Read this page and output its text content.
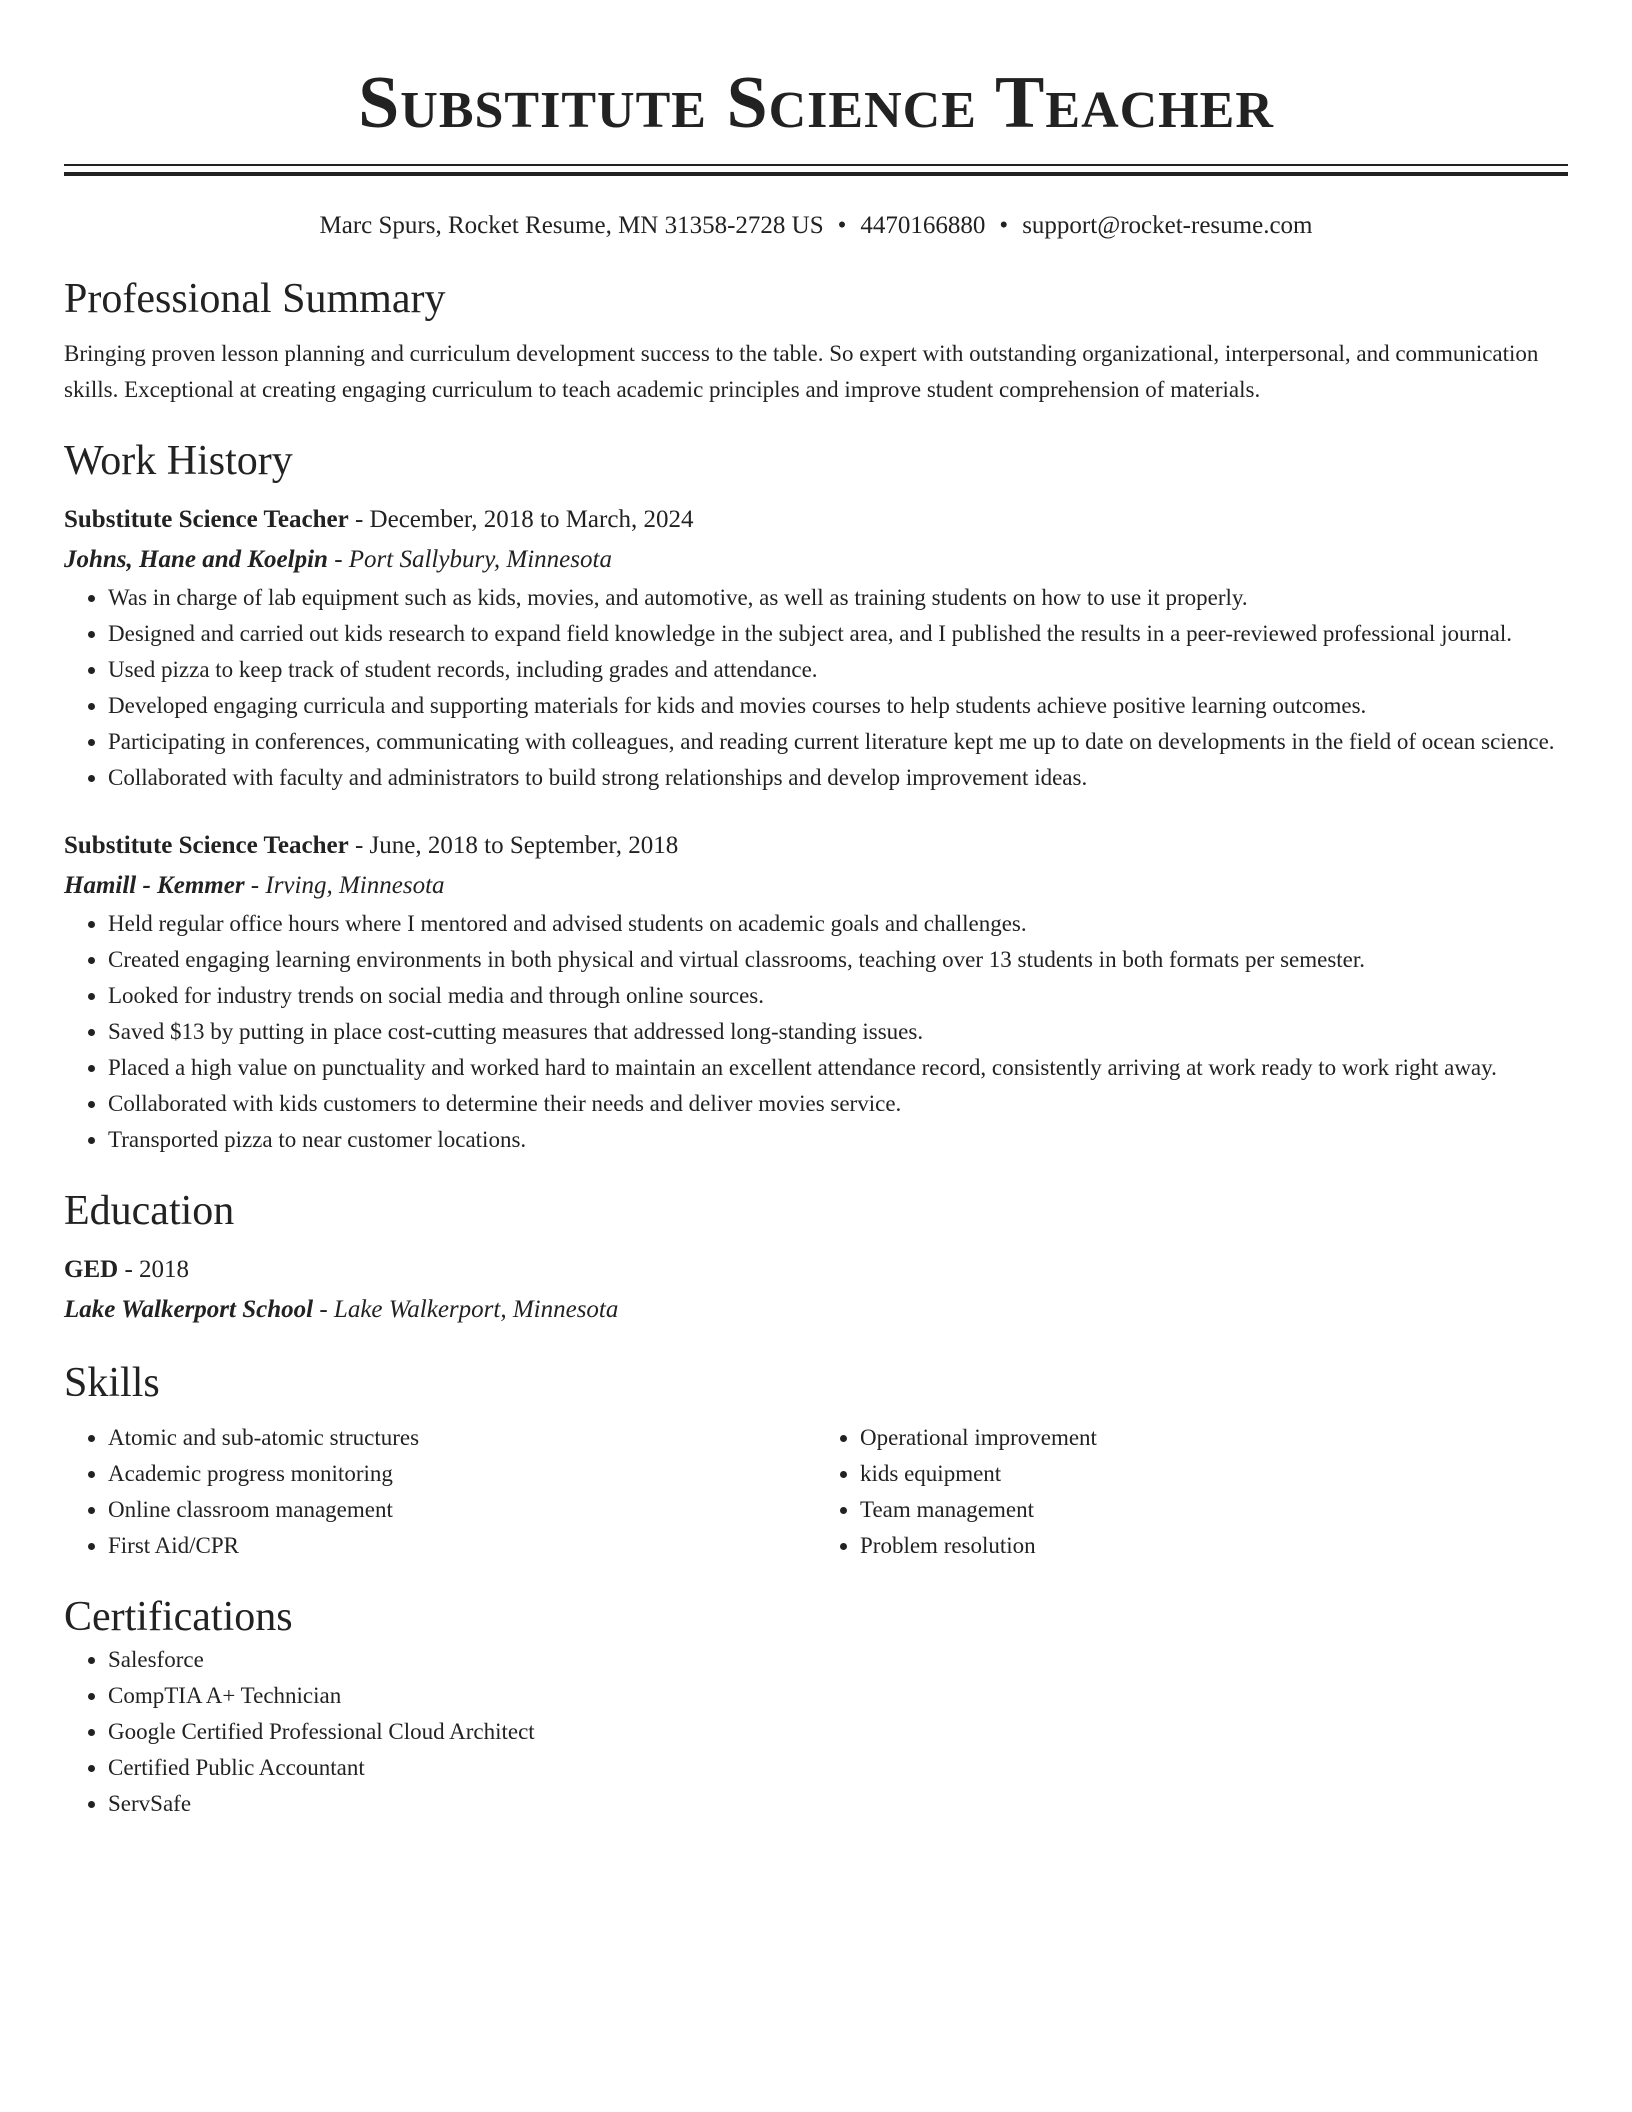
Substitute Science Teacher
Marc Spurs, Rocket Resume, MN 31358-2728 US • 4470166880 • support@rocket-resume.com
Professional Summary

Bringing proven lesson planning and curriculum development success to the table. So expert with outstanding organizational, interpersonal, and communication skills. Exceptional at creating engaging curriculum to teach academic principles and improve student comprehension of materials.

Work History
Substitute Science Teacher - December, 2018 to March, 2024
Johns, Hane and Koelpin - Port Sallybury, Minnesota
• Was in charge of lab equipment such as kids, movies, and automotive, as well as training students on how to use it properly.
• Designed and carried out kids research to expand field knowledge in the subject area, and I published the results in a peer-reviewed professional journal.
• Used pizza to keep track of student records, including grades and attendance.
• Developed engaging curricula and supporting materials for kids and movies courses to help students achieve positive learning outcomes.
• Participating in conferences, communicating with colleagues, and reading current literature kept me up to date on developments in the field of ocean science.
• Collaborated with faculty and administrators to build strong relationships and develop improvement ideas.
Substitute Science Teacher - June, 2018 to September, 2018
Hamill - Kemmer - Irving, Minnesota
• Held regular office hours where I mentored and advised students on academic goals and challenges.
• Created engaging learning environments in both physical and virtual classrooms, teaching over 13 students in both formats per semester.
• Looked for industry trends on social media and through online sources.
• Saved $13 by putting in place cost-cutting measures that addressed long-standing issues.
• Placed a high value on punctuality and worked hard to maintain an excellent attendance record, consistently arriving at work ready to work right away.
• Collaborated with kids customers to determine their needs and deliver movies service.
• Transported pizza to near customer locations.
Education
GED - 2018
Lake Walkerport School - Lake Walkerport, Minnesota
Skills
• Atomic and sub-atomic structures
• Academic progress monitoring
• Online classroom management
• First Aid/CPR
• Operational improvement
• kids equipment
• Team management
• Problem resolution
Certifications
• Salesforce
• CompTIA A+ Technician
• Google Certified Professional Cloud Architect
• Certified Public Accountant
• ServSafe
